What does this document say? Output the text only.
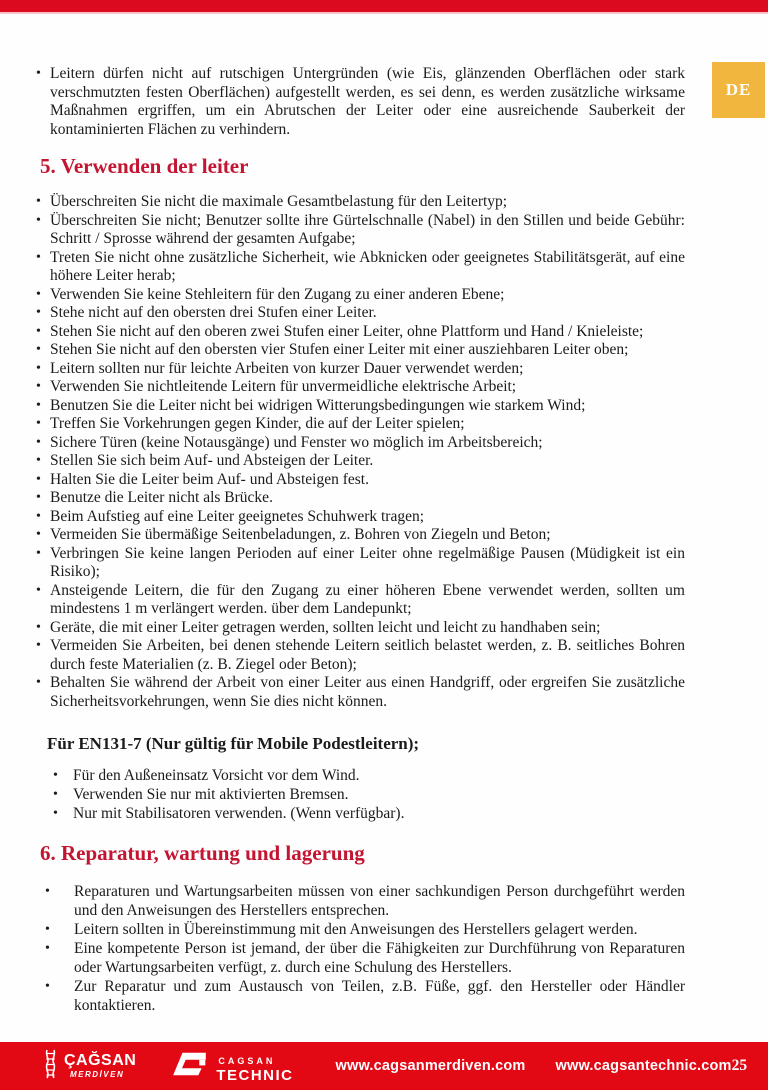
DE
• Leitern dürfen nicht auf rutschigen Untergründen (wie Eis, glänzenden Oberflächen oder stark verschmutzten festen Oberflächen) aufgestellt werden, es sei denn, es werden zusätzliche wirksame Maßnahmen ergriffen, um ein Abrutschen der Leiter oder eine ausreichende Sauberkeit der kontaminierten Flächen zu verhindern.
5. Verwenden der leiter
• Überschreiten Sie nicht die maximale Gesamtbelastung für den Leitertyp;
• Überschreiten Sie nicht; Benutzer sollte ihre Gürtelschnalle (Nabel) in den Stillen und beide Gebühr: Schritt / Sprosse während der gesamten Aufgabe;
• Treten Sie nicht ohne zusätzliche Sicherheit, wie Abknicken oder geeignetes Stabilitätsgerät, auf eine höhere Leiter herab;
• Verwenden Sie keine Stehleitern für den Zugang zu einer anderen Ebene;
• Stehe nicht auf den obersten drei Stufen einer Leiter.
• Stehen Sie nicht auf den oberen zwei Stufen einer Leiter, ohne Plattform und Hand / Knieleiste;
• Stehen Sie nicht auf den obersten vier Stufen einer Leiter mit einer ausziehbaren Leiter oben;
• Leitern sollten nur für leichte Arbeiten von kurzer Dauer verwendet werden;
• Verwenden Sie nichtleitende Leitern für unvermeidliche elektrische Arbeit;
• Benutzen Sie die Leiter nicht bei widrigen Witterungsbedingungen wie starkem Wind;
• Treffen Sie Vorkehrungen gegen Kinder, die auf der Leiter spielen;
• Sichere Türen (keine Notausgänge) und Fenster wo möglich im Arbeitsbereich;
• Stellen Sie sich beim Auf- und Absteigen der Leiter.
• Halten Sie die Leiter beim Auf- und Absteigen fest.
• Benutze die Leiter nicht als Brücke.
• Beim Aufstieg auf eine Leiter geeignetes Schuhwerk tragen;
• Vermeiden Sie übermäßige Seitenbeladungen, z. Bohren von Ziegeln und Beton;
• Verbringen Sie keine langen Perioden auf einer Leiter ohne regelmäßige Pausen (Müdigkeit ist ein Risiko);
• Ansteigende Leitern, die für den Zugang zu einer höheren Ebene verwendet werden, sollten um mindestens 1 m verlängert werden. über dem Landepunkt;
• Geräte, die mit einer Leiter getragen werden, sollten leicht und leicht zu handhaben sein;
• Vermeiden Sie Arbeiten, bei denen stehende Leitern seitlich belastet werden, z. B. seitliches Bohren durch feste Materialien (z. B. Ziegel oder Beton);
• Behalten Sie während der Arbeit von einer Leiter aus einen Handgriff, oder ergreifen Sie zusätzliche Sicherheitsvorkehrungen, wenn Sie dies nicht können.
Für EN131-7 (Nur gültig für Mobile Podestleitern);
• Für den Außeneinsatz Vorsicht vor dem Wind.
• Verwenden Sie nur mit aktivierten Bremsen.
• Nur mit Stabilisatoren verwenden. (Wenn verfügbar).
6. Reparatur, wartung und lagerung
• Reparaturen und Wartungsarbeiten müssen von einer sachkundigen Person durchgeführt werden und den Anweisungen des Herstellers entsprechen.
• Leitern sollten in Übereinstimmung mit den Anweisungen des Herstellers gelagert werden.
• Eine kompetente Person ist jemand, der über die Fähigkeiten zur Durchführung von Reparaturen oder Wartungsarbeiten verfügt, z. durch eine Schulung des Herstellers.
• Zur Reparatur und zum Austausch von Teilen, z.B. Füße, ggf. den Hersteller oder Händler kontaktieren.
ÇAĞSAN
MERDİVEN
CAGSAN
TECHNIC
www.cagsanmerdiven.com www.cagsantechnic.com 25
